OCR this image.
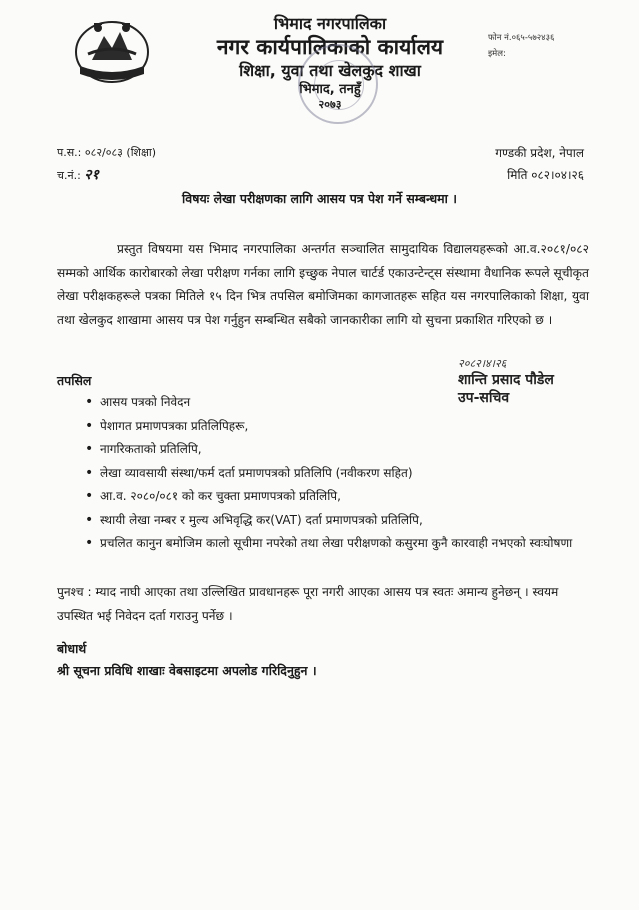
भिमाद नगरपालिका
नगर कार्यपालिकाको कार्यालय
शिक्षा, युवा तथा खेलकुद शाखा
भिमाद, तनहुँ
२०७३
फोन नं.०६५-५७२४३६
इमेल:
प.स.: ०८२/०८३ (शिक्षा)
च.नं.: २१
गण्डकी प्रदेश, नेपाल
मिति ०८२।०४।२६
विषयः लेखा परीक्षणका लागि आसय पत्र पेश गर्ने सम्बन्धमा ।
प्रस्तुत विषयमा यस भिमाद नगरपालिका अन्तर्गत सञ्चालित सामुदायिक विद्यालयहरूको आ.व.२०८१/०८२ सम्मको आर्थिक कारोबारको लेखा परीक्षण गर्नका लागि इच्छुक नेपाल चार्टर्ड एकाउन्टेन्ट्स संस्थामा वैधानिक रूपले सूचीकृत लेखा परीक्षकहरूले पत्रका मितिले १५ दिन भित्र तपसिल बमोजिमका कागजातहरू सहित यस नगरपालिकाको शिक्षा, युवा तथा खेलकुद शाखामा आसय पत्र पेश गर्नुहुन सम्बन्धित सबैको जानकारीका लागि यो सुचना प्रकाशित गरिएको छ ।
२०८२।४।२६
शान्ति प्रसाद पौडेल
उप-सचिव
तपसिल
• आसय पत्रको निवेदन
• पेशागत प्रमाणपत्रका प्रतिलिपिहरू,
• नागरिकताको प्रतिलिपि,
• लेखा व्यावसायी संस्था/फर्म दर्ता प्रमाणपत्रको प्रतिलिपि (नवीकरण सहित)
• आ.व. २०८०/०८१ को कर चुक्ता प्रमाणपत्रको प्रतिलिपि,
• स्थायी लेखा नम्बर र मुल्य अभिवृद्धि कर(VAT) दर्ता प्रमाणपत्रको प्रतिलिपि,
• प्रचलित कानुन बमोजिम कालो सूचीमा नपरेको तथा लेखा परीक्षणको कसुरमा कुनै कारवाही नभएको स्वःघोषणा
पुनश्च : म्याद नाघी आएका तथा उल्लिखित प्रावधानहरू पूरा नगरी आएका आसय पत्र स्वतः अमान्य हुनेछन् । स्वयम उपस्थित भई निवेदन दर्ता गराउनु पर्नेछ ।
बोधार्थ
श्री सूचना प्रविधि शाखाः वेबसाइटमा अपलोड गरिदिनुहुन ।
